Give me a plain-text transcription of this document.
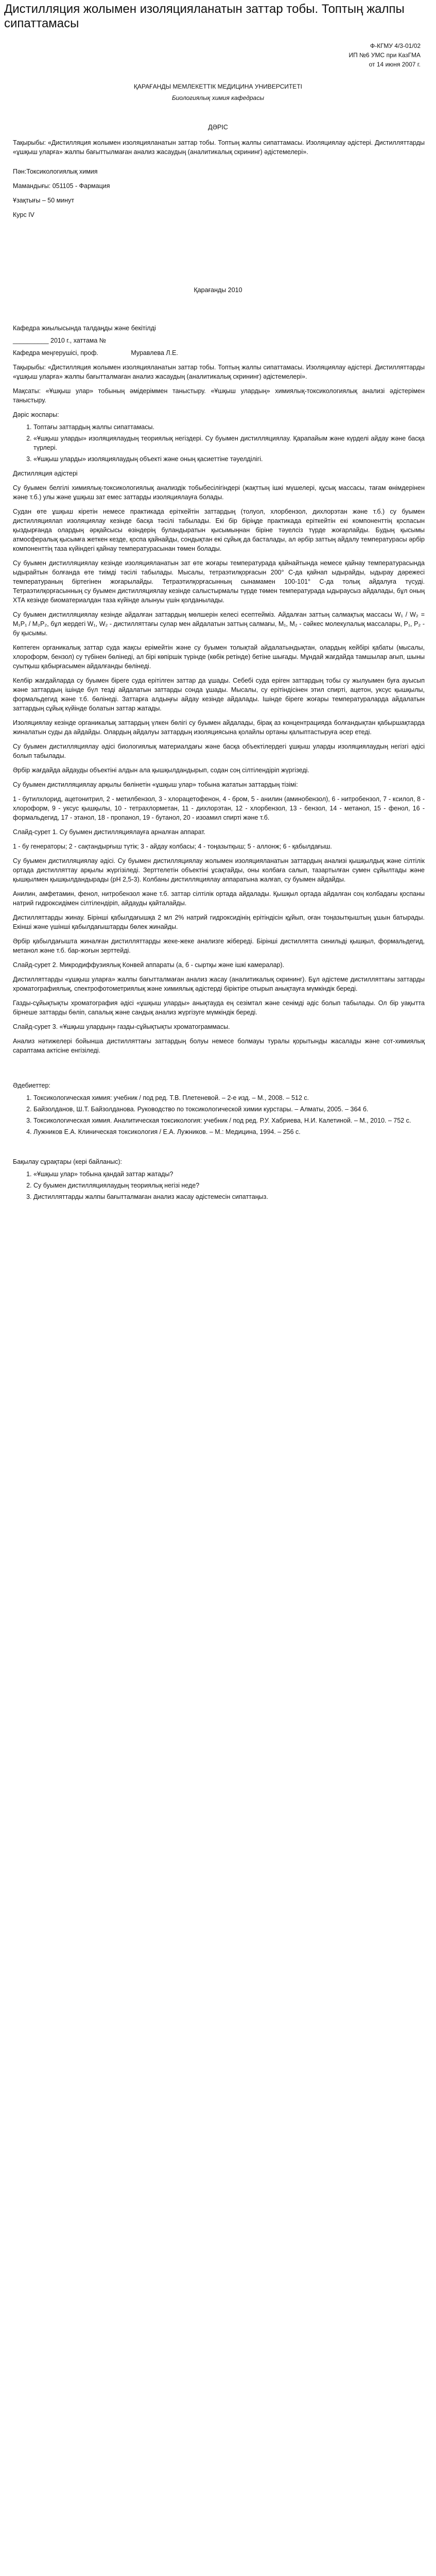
Дистилляция жолымен изоляцияланатын заттар тобы. Топтың жалпы сипаттамасы
Ф-КГМУ 4/3-01/02
ИП №6 УМС при КазГМА
от 14 июня 2007 г.
ҚАРАҒАНДЫ МЕМЛЕКЕТТІК МЕДИЦИНА УНИВЕРСИТЕТІ
Биологиялық химия кафедрасы
ДӘРІС

Тақырыбы: «Дистилляция жолымен изоляцияланатын заттар тобы. Топтың жалпы сипаттамасы. Изоляциялау әдістері. Дистилляттарды «ұшқыш уларға» жалпы бағыттылмаған анализ жасаудың (аналитикалық скрининг) әдістемелері».

Пән:Токсикологиялық химия

Мамандығы: 051105 - Фармация

Ұзақтығы – 50 минут

Курс IV

Қарағанды 2010
Кафедра жиылысында талдаңды және бекітілді
__________ 2010 г., хаттама №
Кафедра меңгерушісі, проф.	Муравлева Л.Е.

Тақырыбы: «Дистилляция жолымен изоляцияланатын заттар тобы. Топтың жалпы сипаттамасы. Изоляциялау әдістері. Дистилляттарды «ұшқыш уларға» жалпы бағытталмаған анализ жасаудың (аналитикалық скрининг) әдістемелері».

Мақсаты: «Ұшқыш улар» тобының әмідеріммен таныстыру. «Ұшқыш улардың» химиялық-токсикологиялық анализі әдістерімен таныстыру.

Дәріс жоспары:
1. Топтағы заттардың жалпы сипаттамасы.
2. «Ұшқыш уларды» изоляциялаудың теориялық негіздері. Су буымен дистилляциялау. Қарапайым және күрделі айдау және басқа түрлері.
3. «Ұшқыш уларды» изоляциялаудың объекті және оның қасиеттіне тәуелділігі.

Дистилляция әдістері

Су буымен белгілі химиялық-токсикологиялық анализдік тобыбесілігіндері (жақттың ішкі мүшелері, құсық массасы, тағам өнімдерінен және т.б.) улы және ұшқыш зат емес заттарды изоляциялауға болады.

Судан өте ұшқыш кіретін немесе практикада еріткейтін заттардың (толуол, хлорбензол, дихлорэтан және т.б.) су буымен дистилляциялап изоляциялау кезінде басқа тәсілі табылады. Екі бір біріңде практикада еріткейтін екі компоненттің қоспасын қыздырғанда олардың әрқайсысы өзіндерің буландыратын қысымыңнан біріне тәуелсіз түрде жоғарлайды. Будың қысымы атмосфералық қысымға жеткен кезде, қоспа қайнайды, сондықтан екі сұйық да басталады, ал әрбір заттың айдалу температурасы әрбір компоненттің таза күйіндегі қайнау температурасынан төмен болады.

Су буымен дистилляциялау кезінде изоляцияланатын зат өте жоғары температурада қайнайтында немесе қайнау температурасында ыдырайтын болғанда өте тиімді тәсілі табылады. Мысалы, тетраэтилқорғасын 200° С-да қайнап ыдырайды, ыдырау дәрежесі температураның біртегінен жоғарылайды. Тетраэтилқорғасынның сынамамен 100-101° С-да толық айдалуға түсуді. Тетраэтилқорғасынның су буымен дистилляциялау кезінде салыстырмалы түрде төмен температурада ыдыраусыз айдалады, бұл оның ХТА кезінде биоматериалдан таза күйінде алынуы үшін қолданылады.

Су буымен дистилляциялау кезінде айдалған заттардың мөлшерін келесі есептейміз. Айдалған заттың салмақтық массасы W₁ / W₂ = M₁P₁ / M₂P₂, бұл жердегі W₁, W₂ - дистилляттағы сулар мен айдалатын заттың салмағы, M₁, M₂ - сәйкес молекулалық массалары, P₁, P₂ - бу қысымы.

Көптеген органикалық заттар суда жақсы ерімейтін және су буымен толықтай айдалатындықтан, олардың кейбірі қабаты (мысалы, хлороформ, бензол) су түбінен бөлінеді, ал бірі көпіршік түрінде (көбік ретінде) бетіне шығады. Мұндай жағдайда тамшылар ағып, шыны суытқыш қабырғасымен айдалғанды бөлінеді.

Келбір жағдайларда су буымен біреге суда ерітілген заттар да ұшады. Себебі суда еріген заттардың тобы су жылуымен буға ауысып және заттардың ішінде бүл тезді айдалатын заттарды сонда ұшады. Мысалы, су ерітіндісінен этил спирті, ацетон, уксус қышқылы, формальдегид және т.б. бөлінеді. Заттарға алдыңғы айдау кезінде айдалады. Ішінде біреге жоғары температураларда айдалатын заттардың сұйық күйінде болатын заттар жатады.

Изоляциялау кезінде органикалық заттардың үлкен бөлігі су буымен айдалады, бірақ аз концентрацияда болғандықтан қабыршақтарда жиналатын суды да айдайды. Олардың айдалуы заттардың изоляциясына қолайлы ортаны қалыптастыруға әсер етеді.

Су буымен дистилляциялау әдісі биологиялық материалдағы және басқа объектілердегі ұшқыш уларды изоляциялаудың негізгі әдісі болып табылады.

Әрбір жағдайда айдауды объектіні алдын ала қышқылдандырып, содан соң сілтілендіріп жүргізеді.

Су буымен дистилляциялау арқылы бөлінетін «ұшқыш улар» тобына жататын заттардың тізімі:

1 - бутилхлорид, ацетонитрил, 2 - метилбензол, 3 - хлорацетофенон, 4 - бром, 5 - анилин (аминобензол), 6 - нитробензол, 7 - ксилол, 8 - хлороформ, 9 - уксус қышқылы, 10 - тетрахлорметан, 11 - дихлорэтан, 12 - хлорбензол, 13 - бензол, 14 - метанол, 15 - фенол, 16 - формальдегид, 17 - этанол, 18 - пропанол, 19 - бутанол, 20 - изоамил спирті және т.б.

Слайд-сурет 1. Су буымен дистилляциялауға арналған аппарат.

1 - бу генераторы; 2 - сақтандырғыш түтік; 3 - айдау колбасы; 4 - тоңазытқыш; 5 - аллонж; 6 - қабылдағыш.

Су буымен дистилляциялау әдісі. Су буымен дистилляциялау жолымен изоляцияланатын заттардың анализі қышқылдық және сілтілік ортада дистилляттау арқылы жүргізіледі. Зерттелетін объектіні ұсақтайды, оны колбаға салып, тазартылған сумен сұйылтады және қышқылмен қышқылдандырады (рН 2,5-3). Колбаны дистилляциялау аппаратына жалғап, су буымен айдайды.

Анилин, амфетамин, фенол, нитробензол және т.б. заттар сілтілік ортада айдалады. Қышқыл ортада айдалған соң колбадағы қоспаны натрий гидроксидімен сілтілендіріп, айдауды қайталайды.

Дистилляттарды жинау. Бірінші қабылдағышқа 2 мл 2% натрий гидроксидінің ерітіндісін құйып, оған тоңазытқыштың ұшын батырады. Екінші және үшінші қабылдағыштарды бөлек жинайды.

Әрбір қабылдағышта жиналған дистилляттарды жеке-жеке анализге жібереді. Бірінші дистиллятта синильді қышқыл, формальдегид, метанол және т.б. бар-жоғын зерттейді.

Слайд-сурет 2. Микродиффузиялық Конвей аппараты (а, б - сыртқы және ішкі камералар).

Дистилляттарды «ұшқыш уларға» жалпы бағытталмаған анализ жасау (аналитикалық скрининг). Бұл әдістеме дистилляттағы заттарды хроматографиялық, спектрофотометриялық және химиялық әдістерді біріктіре отырып анықтауға мүмкіндік береді.

Газды-сұйықтықты хроматография әдісі «ұшқыш уларды» анықтауда ең сезімтал және сенімді әдіс болып табылады. Ол бір уақытта бірнеше заттарды бөліп, сапалық және сандық анализ жүргізуге мүмкіндік береді.

Слайд-сурет 3. «Ұшқыш улардың» газды-сұйықтықты хроматограммасы.

Анализ нәтижелері бойынша дистилляттағы заттардың болуы немесе болмауы туралы қорытынды жасалады және сот-химиялық сараптама актісіне енгізіледі.

Әдебиеттер:
1. Токсикологическая химия: учебник / под ред. Т.В. Плетеневой. – 2-е изд. – М., 2008. – 512 с.
2. Байзолданов, Ш.Т. Байзолданова. Руководство по токсикологической химии курстары. – Алматы, 2005. – 364 б.
3. Токсикологическая химия. Аналитическая токсикология: учебник / под ред. Р.У. Хабриева, Н.И. Калетиной. – М., 2010. – 752 с.
4. Лужников Е.А. Клиническая токсикология / Е.А. Лужников. – М.: Медицина, 1994. – 256 с.
Бақылау сұрақтары (кері байланыс):
1. «Ұшқыш улар» тобына қандай заттар жатады?
2. Су буымен дистилляциялаудың теориялық негізі неде?
3. Дистилляттарды жалпы бағытталмаған анализ жасау әдістемесін сипаттаңыз.
